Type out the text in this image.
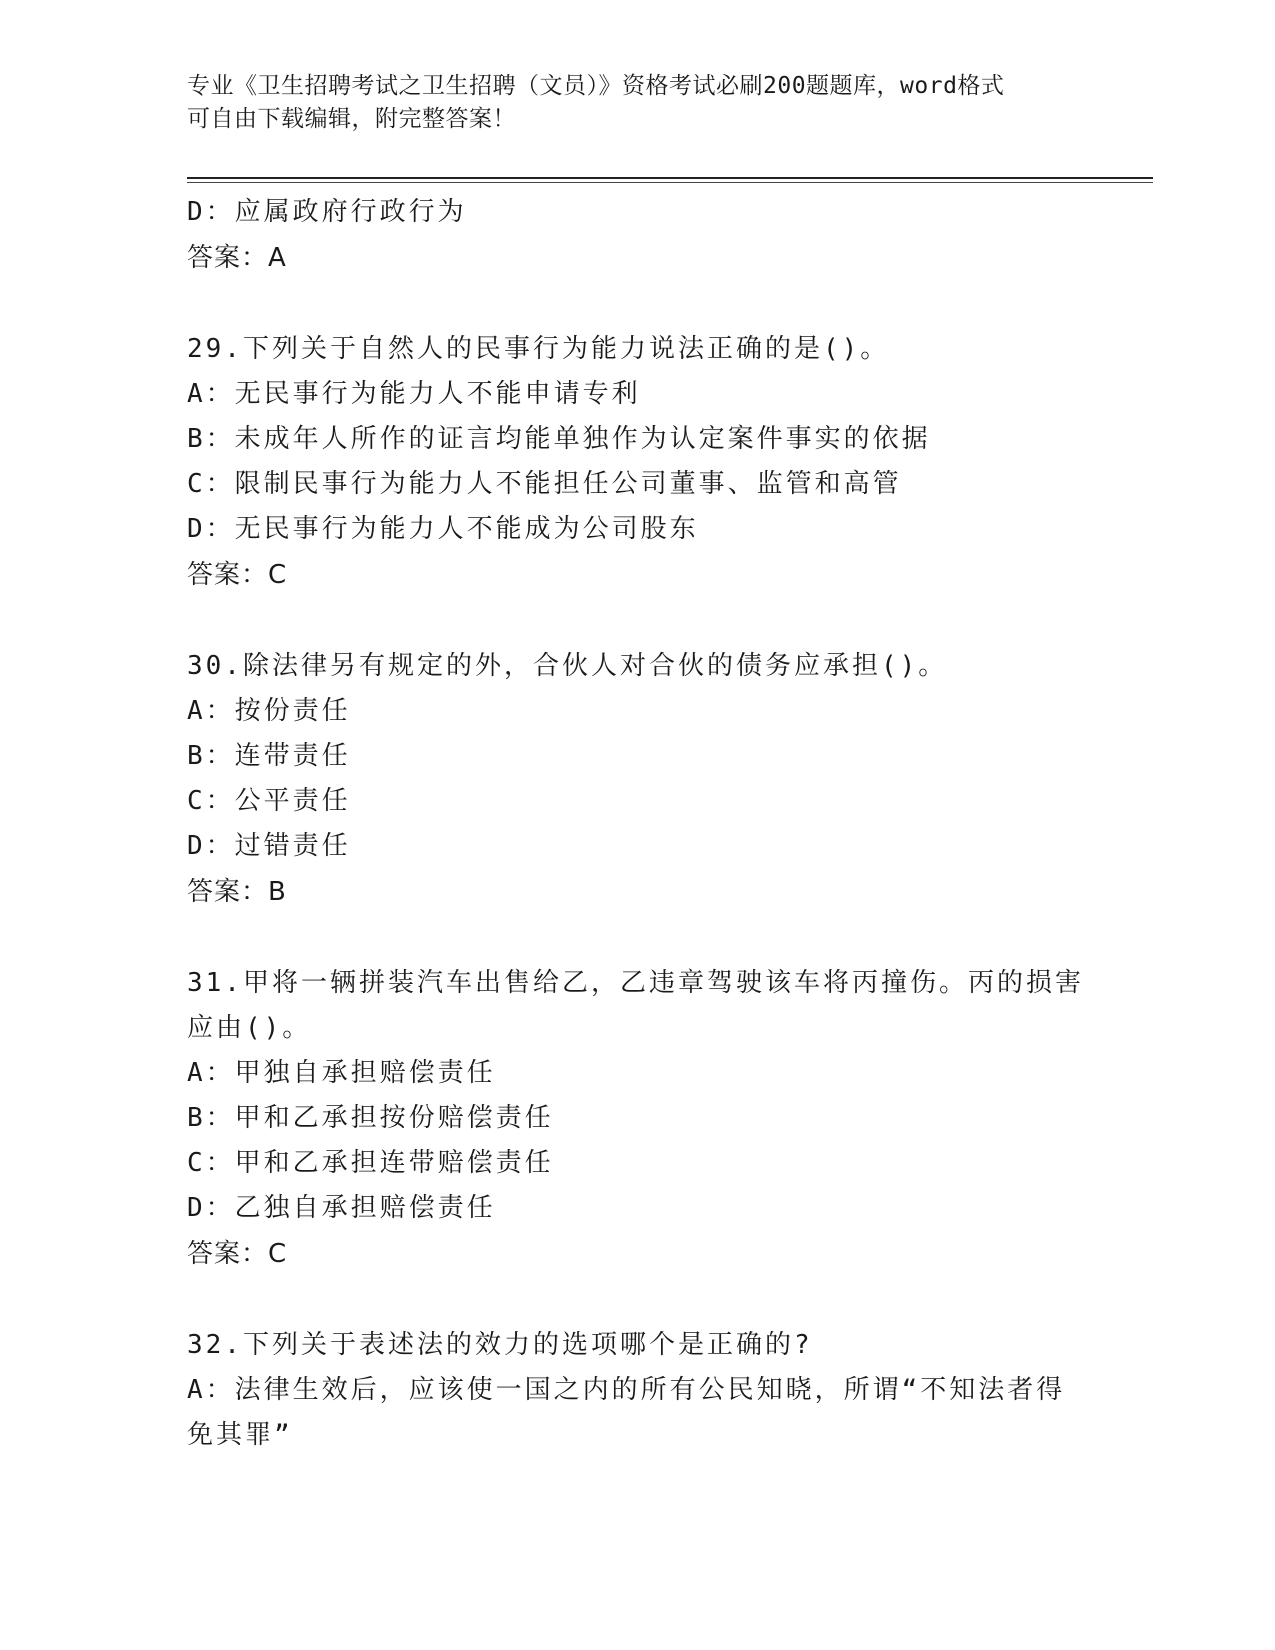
专业《卫生招聘考试之卫生招聘（文员）》资格考试必刷200题题库，word格式
可自由下载编辑，附完整答案！
D：应属政府行政行为
答案：A
29.下列关于自然人的民事行为能力说法正确的是()。
A：无民事行为能力人不能申请专利
B：未成年人所作的证言均能单独作为认定案件事实的依据
C：限制民事行为能力人不能担任公司董事、监管和高管
D：无民事行为能力人不能成为公司股东
答案：C
30.除法律另有规定的外，合伙人对合伙的债务应承担()。
A：按份责任
B：连带责任
C：公平责任
D：过错责任
答案：B
31.甲将一辆拼装汽车出售给乙，乙违章驾驶该车将丙撞伤。丙的损害
应由()。
A：甲独自承担赔偿责任
B：甲和乙承担按份赔偿责任
C：甲和乙承担连带赔偿责任
D：乙独自承担赔偿责任
答案：C
32.下列关于表述法的效力的选项哪个是正确的?
A：法律生效后，应该使一国之内的所有公民知晓，所谓“不知法者得
免其罪”
